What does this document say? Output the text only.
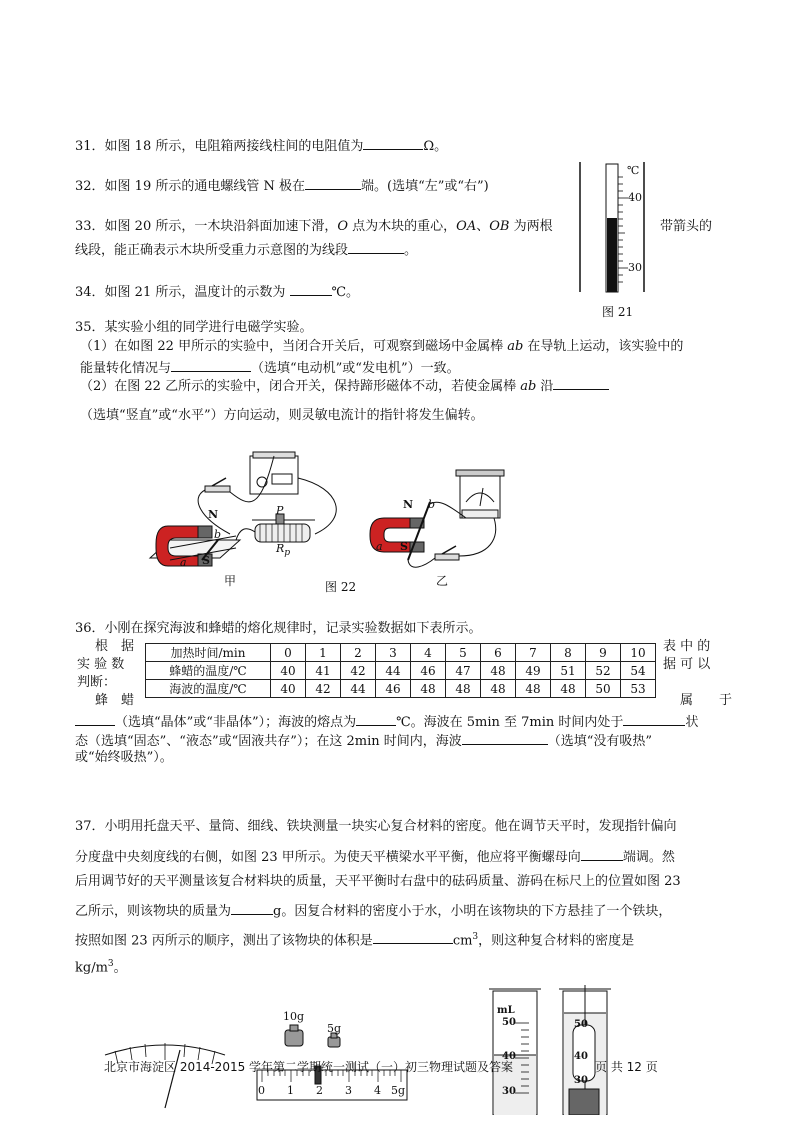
31．如图 18 所示，电阻箱两接线柱间的电阻值为	Ω。
32．如图 19 所示的通电螺线管 N 极在	端。(选填“左”或“右”)
33．如图 20 所示，一木块沿斜面加速下滑，O 点为木块的重心，OA、OB 为两根	带箭头的
线段，能正确表示木块所受重力示意图的为线段	。
34．如图 21 所示，温度计的示数为	℃。
℃
40
30
图 21
35．某实验小组的同学进行电磁学实验。
（1）在如图 22 甲所示的实验中，当闭合开关后，可观察到磁场中金属棒 ab 在导轨上运动，该实验中的
能量转化情况与	（选填“电动机”或“发电机”）一致。
（2）在图 22 乙所示的实验中，闭合开关，保持蹄形磁体不动，若使金属棒 ab 沿
（选填“竖直”或“水平”）方向运动，则灵敏电流计的指针将发生偏转。
N
S
a
b
P
$R_p$
N
S
a
b
甲	图 22	乙
36．小刚在探究海波和蜂蜡的熔化规律时，记录实验数据如下表所示。
根　据
实 验 数
判断：
蜂　蜡
表 中 的
据 可 以
属　　于
加热时间/min	0	1	2	3	4	5	6	7	8	9	10
蜂蜡的温度/℃	40	41	42	44	46	47	48	49	51	52	54
海波的温度/℃	40	42	44	46	48	48	48	48	48	50	53
（选填“晶体”或“非晶体”）；海波的熔点为	℃。海波在 5min 至 7min 时间内处于	状
态（选填“固态”、“液态”或“固液共存”）；在这 2min 时间内，海波	（选填“没有吸热”
或“始终吸热”）。
37．小明用托盘天平、量筒、细线、铁块测量一块实心复合材料的密度。他在调节天平时，发现指针偏向
分度盘中央刻度线的右侧，如图 23 甲所示。为使天平横梁水平平衡，他应将平衡螺母向	端调。然
后用调节好的天平测量该复合材料块的质量，天平平衡时右盘中的砝码质量、游码在标尺上的位置如图 23
乙所示，则该物块的质量为	g。因复合材料的密度小于水，小明在该物块的下方悬挂了一个铁块，
按照如图 23 丙所示的顺序，测出了该物块的体积是	$cm^3$，则这种复合材料的密度是
$kg/m^3$。
10g
5g
0 1 2 3 4 5g
mL
50
40
30
50
40
30
北京市海淀区 2014-2015 学年第二学期统一测试（一）初三物理试题及答案	页 共 12 页
